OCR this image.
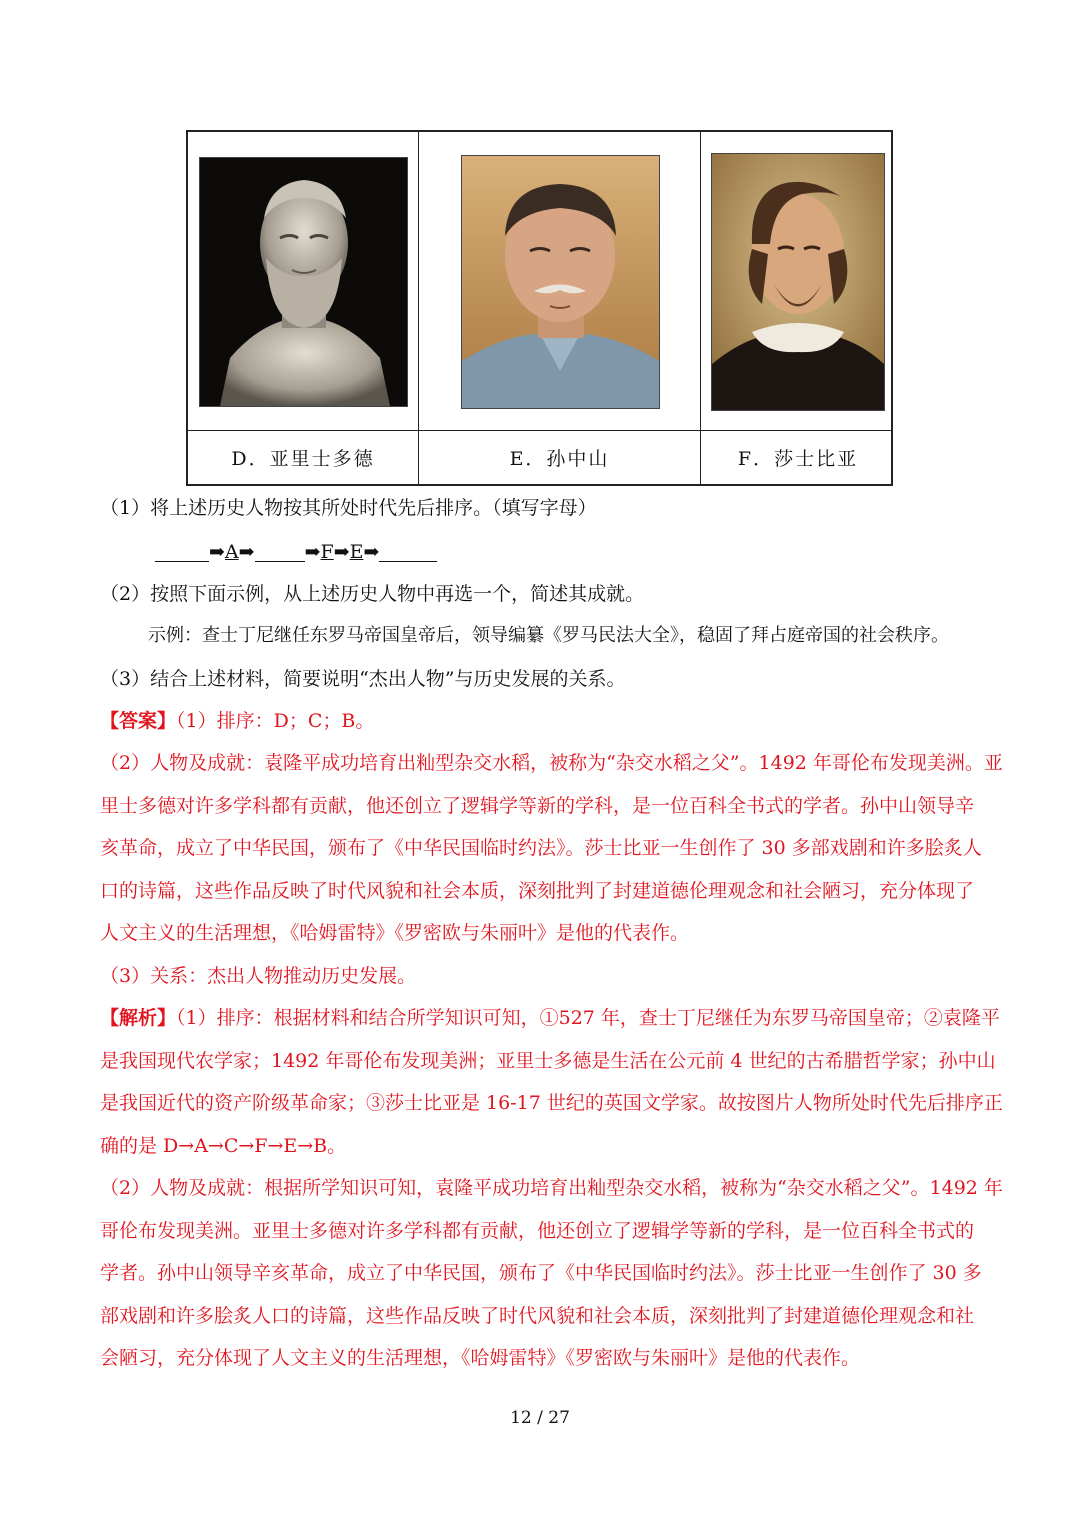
D．亚里士多德	E．孙中山	F．莎士比亚
（1）将上述历史人物按其所处时代先后排序。（填写字母）
➡A➡	➡F➡E➡
（2）按照下面示例，从上述历史人物中再选一个，简述其成就。
示例：查士丁尼继任东罗马帝国皇帝后，领导编纂《罗马民法大全》，稳固了拜占庭帝国的社会秩序。
（3）结合上述材料，简要说明“杰出人物”与历史发展的关系。
【答案】（1）排序：D；C；B。
（2）人物及成就：袁隆平成功培育出籼型杂交水稻，被称为“杂交水稻之父”。1492 年哥伦布发现美洲。亚
里士多德对许多学科都有贡献，他还创立了逻辑学等新的学科，是一位百科全书式的学者。孙中山领导辛
亥革命，成立了中华民国，颁布了《中华民国临时约法》。莎士比亚一生创作了 30 多部戏剧和许多脍炙人
口的诗篇，这些作品反映了时代风貌和社会本质，深刻批判了封建道德伦理观念和社会陋习，充分体现了
人文主义的生活理想，《哈姆雷特》《罗密欧与朱丽叶》是他的代表作。
（3）关系：杰出人物推动历史发展。
【解析】（1）排序：根据材料和结合所学知识可知，①527 年，查士丁尼继任为东罗马帝国皇帝；②袁隆平
是我国现代农学家；1492 年哥伦布发现美洲；亚里士多德是生活在公元前 4 世纪的古希腊哲学家；孙中山
是我国近代的资产阶级革命家；③莎士比亚是 16-17 世纪的英国文学家。故按图片人物所处时代先后排序正
确的是 D→A→C→F→E→B。
（2）人物及成就：根据所学知识可知，袁隆平成功培育出籼型杂交水稻，被称为“杂交水稻之父”。1492 年
哥伦布发现美洲。亚里士多德对许多学科都有贡献，他还创立了逻辑学等新的学科，是一位百科全书式的
学者。孙中山领导辛亥革命，成立了中华民国，颁布了《中华民国临时约法》。莎士比亚一生创作了 30 多
部戏剧和许多脍炙人口的诗篇，这些作品反映了时代风貌和社会本质，深刻批判了封建道德伦理观念和社
会陋习，充分体现了人文主义的生活理想，《哈姆雷特》《罗密欧与朱丽叶》是他的代表作。
12 / 27
